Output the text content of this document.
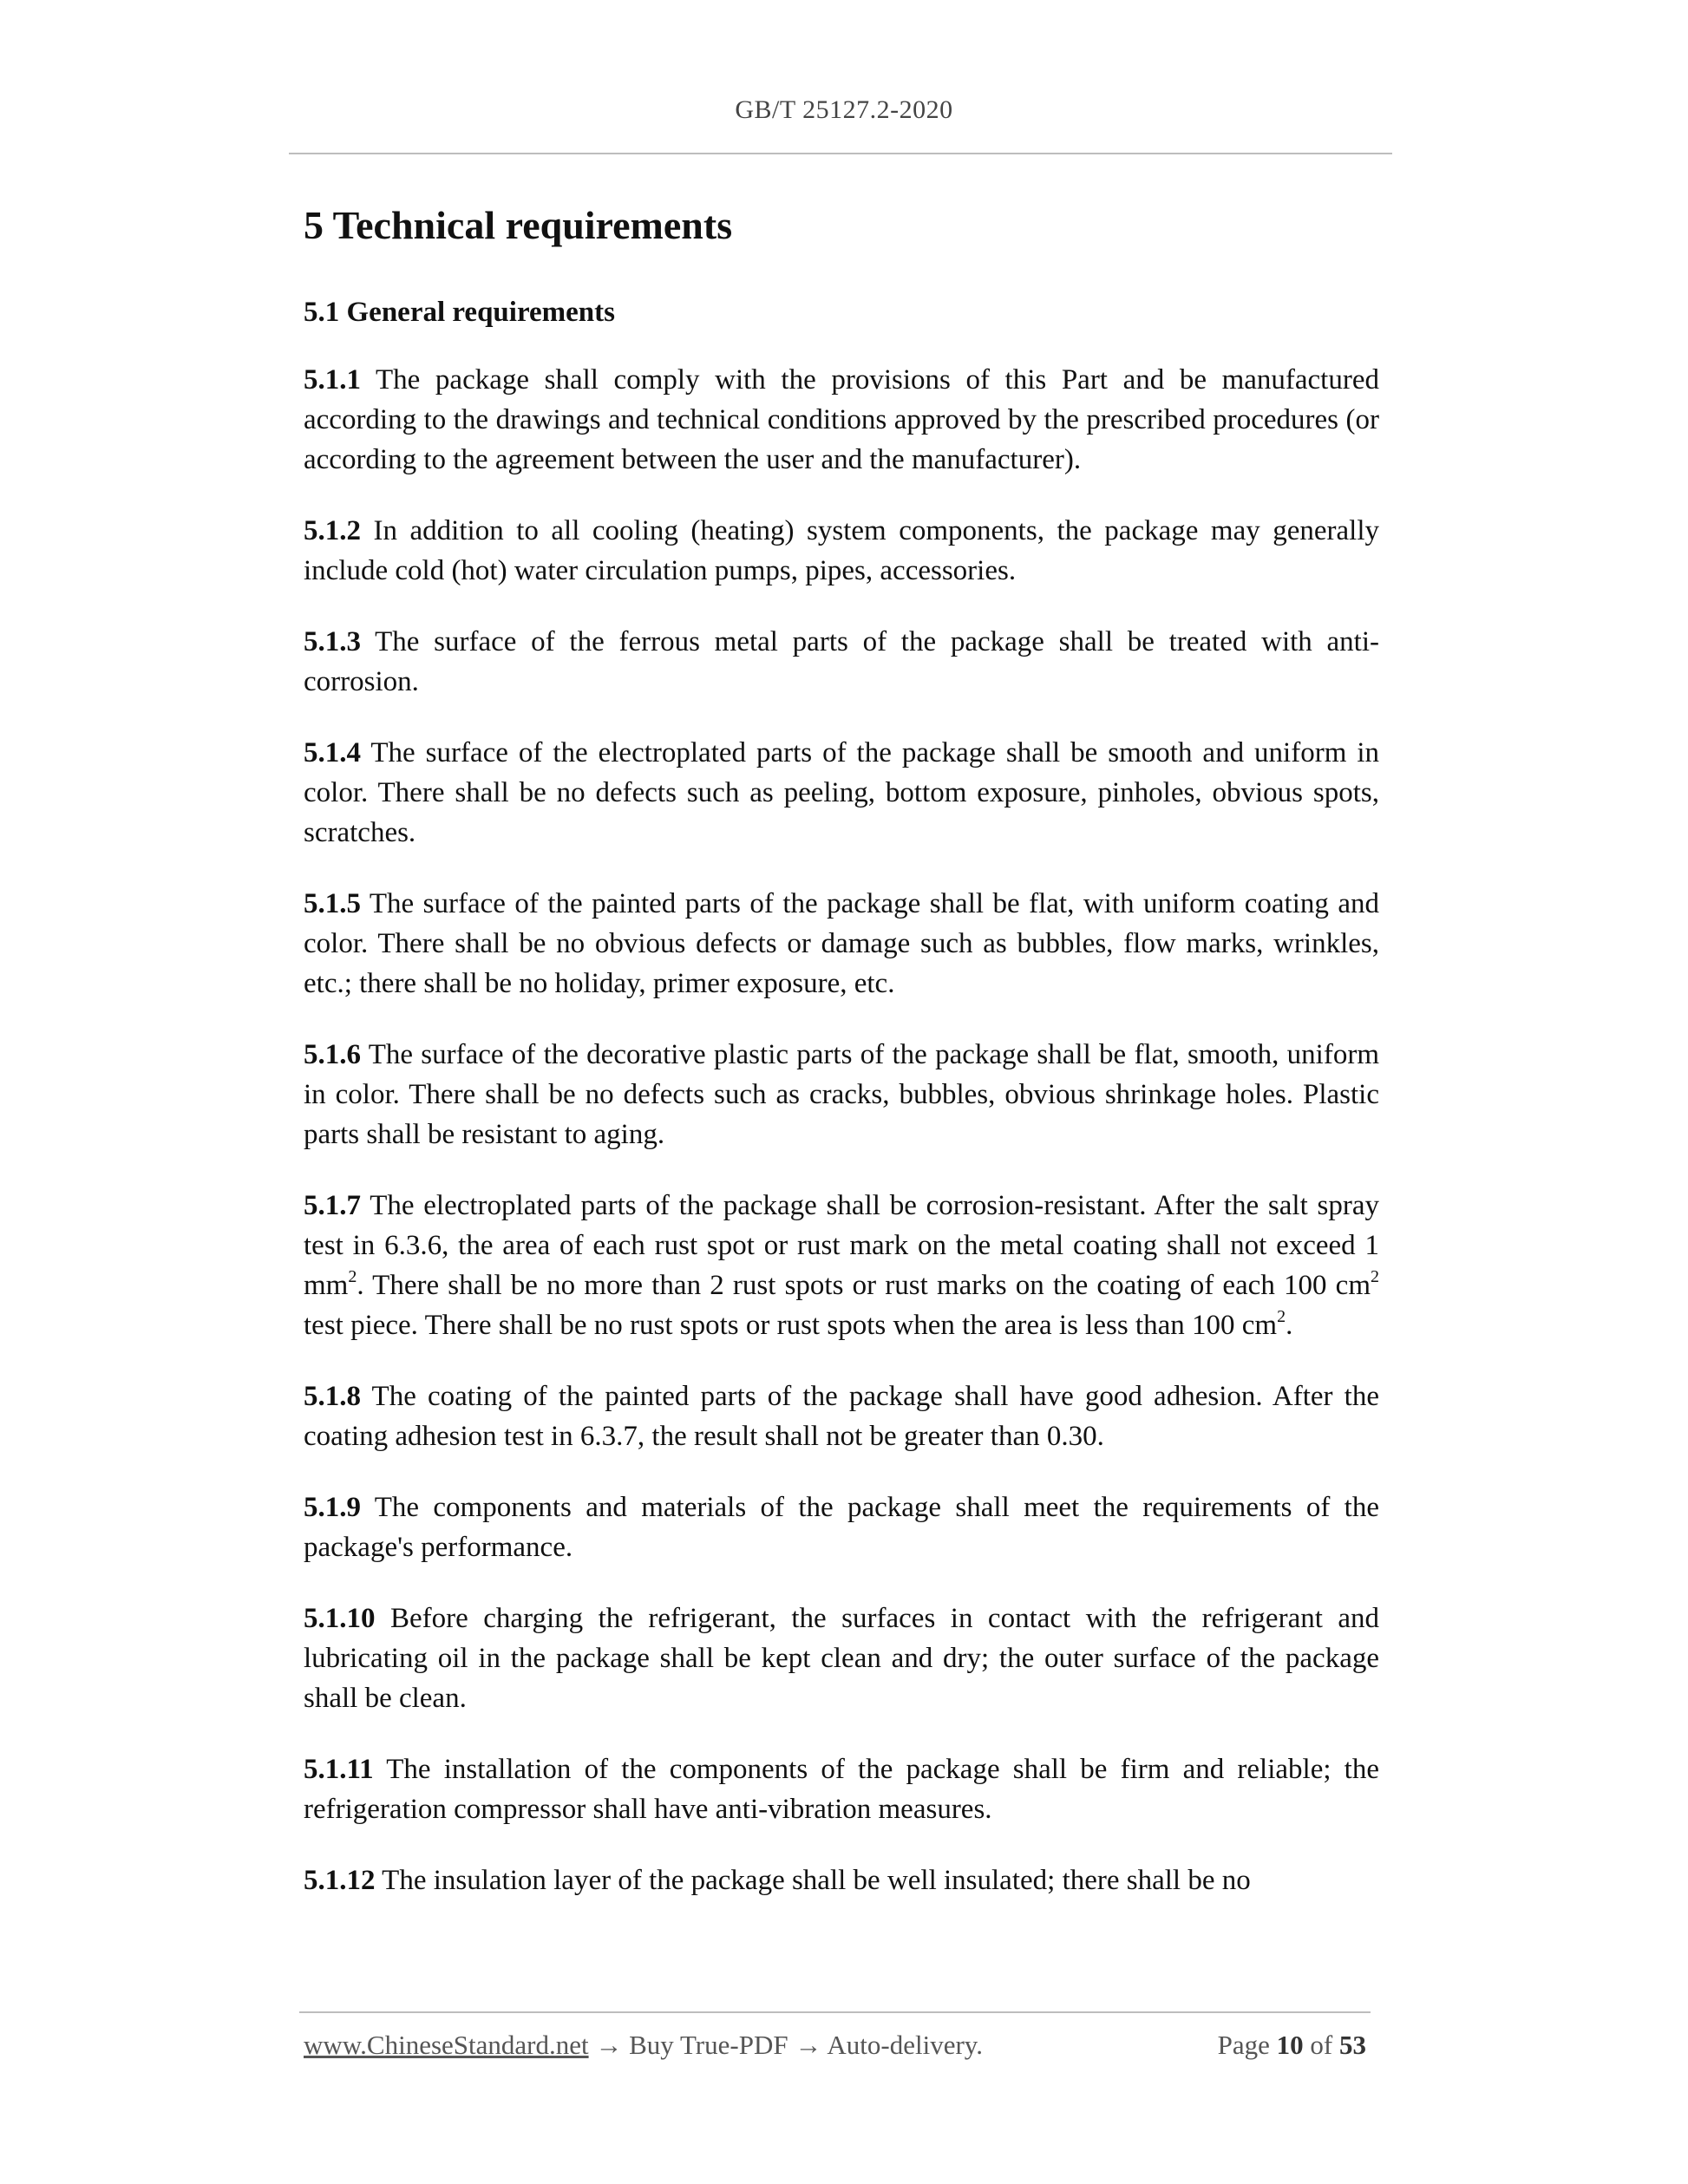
GB/T 25127.2-2020
5 Technical requirements
5.1 General requirements

5.1.1 The package shall comply with the provisions of this Part and be manufactured according to the drawings and technical conditions approved by the prescribed procedures (or according to the agreement between the user and the manufacturer).

5.1.2 In addition to all cooling (heating) system components, the package may generally include cold (hot) water circulation pumps, pipes, accessories.

5.1.3 The surface of the ferrous metal parts of the package shall be treated with anti-corrosion.

5.1.4 The surface of the electroplated parts of the package shall be smooth and uniform in color. There shall be no defects such as peeling, bottom exposure, pinholes, obvious spots, scratches.

5.1.5 The surface of the painted parts of the package shall be flat, with uniform coating and color. There shall be no obvious defects or damage such as bubbles, flow marks, wrinkles, etc.; there shall be no holiday, primer exposure, etc.

5.1.6 The surface of the decorative plastic parts of the package shall be flat, smooth, uniform in color. There shall be no defects such as cracks, bubbles, obvious shrinkage holes. Plastic parts shall be resistant to aging.

5.1.7 The electroplated parts of the package shall be corrosion-resistant. After the salt spray test in 6.3.6, the area of each rust spot or rust mark on the metal coating shall not exceed 1 $mm^2$. There shall be no more than 2 rust spots or rust marks on the coating of each 100 $cm^2$ test piece. There shall be no rust spots or rust spots when the area is less than 100 $cm^2$.

5.1.8 The coating of the painted parts of the package shall have good adhesion. After the coating adhesion test in 6.3.7, the result shall not be greater than 0.30.

5.1.9 The components and materials of the package shall meet the requirements of the package's performance.

5.1.10 Before charging the refrigerant, the surfaces in contact with the refrigerant and lubricating oil in the package shall be kept clean and dry; the outer surface of the package shall be clean.

5.1.11 The installation of the components of the package shall be firm and reliable; the refrigeration compressor shall have anti-vibration measures.

5.1.12 The insulation layer of the package shall be well insulated; there shall be no

www.ChineseStandard.net → Buy True-PDF → Auto-delivery.	Page 10 of 53
